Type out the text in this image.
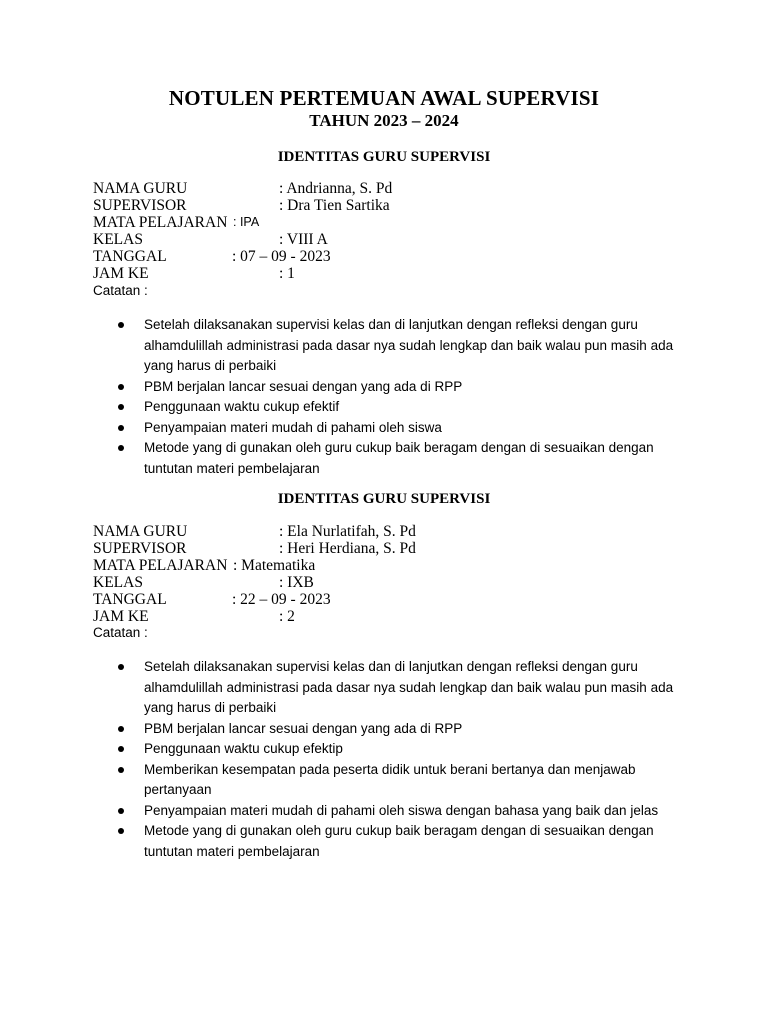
NOTULEN PERTEMUAN AWAL SUPERVISI
TAHUN 2023 – 2024
IDENTITAS GURU SUPERVISI
NAMA GURU	: Andrianna, S. Pd
SUPERVISOR	: Dra Tien Sartika
MATA PELAJARAN : IPA
KELAS	: VIII A
TANGGAL	: 07 – 09 - 2023
JAM KE	: 1
Catatan :
Setelah dilaksanakan supervisi kelas dan di lanjutkan dengan refleksi dengan guru alhamdulillah administrasi pada dasar nya sudah lengkap dan baik walau pun masih ada yang harus di perbaiki
PBM berjalan lancar sesuai dengan yang ada di RPP
Penggunaan waktu cukup efektif
Penyampaian materi mudah di pahami oleh siswa
Metode yang di gunakan oleh guru cukup baik beragam dengan di sesuaikan dengan tuntutan materi pembelajaran
IDENTITAS GURU SUPERVISI
NAMA GURU	: Ela Nurlatifah, S. Pd
SUPERVISOR	: Heri Herdiana, S. Pd
MATA PELAJARAN : Matematika
KELAS	: IXB
TANGGAL	: 22 – 09 - 2023
JAM KE	: 2
Catatan :
Setelah dilaksanakan supervisi kelas dan di lanjutkan dengan refleksi dengan guru alhamdulillah administrasi pada dasar nya sudah lengkap dan baik walau pun masih ada yang harus di perbaiki
PBM berjalan lancar sesuai dengan yang ada di RPP
Penggunaan waktu cukup efektip
Memberikan kesempatan pada peserta didik untuk berani bertanya dan menjawab pertanyaan
Penyampaian materi mudah di pahami oleh siswa dengan bahasa yang baik dan jelas
Metode yang di gunakan oleh guru cukup baik beragam dengan di sesuaikan dengan tuntutan materi pembelajaran
